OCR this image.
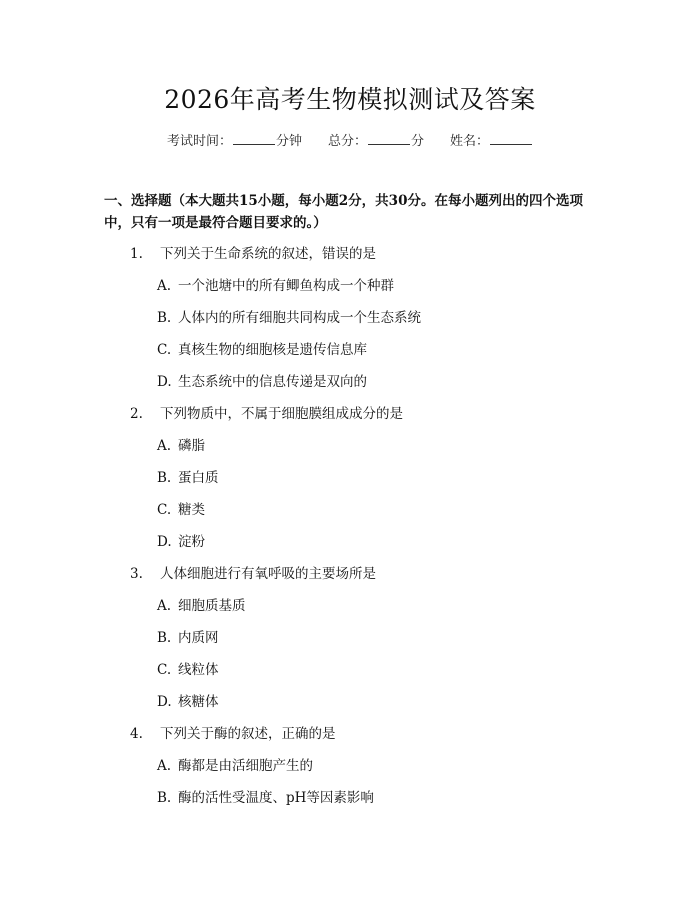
2026年高考生物模拟测试及答案
考试时间：	分钟 总分：	分 姓名：
一、选择题（本大题共15小题，每小题2分，共30分。在每小题列出的四个选项中，只有一项是最符合题目要求的。）
1. 下列关于生命系统的叙述，错误的是
A. 一个池塘中的所有鲫鱼构成一个种群
B. 人体内的所有细胞共同构成一个生态系统
C. 真核生物的细胞核是遗传信息库
D. 生态系统中的信息传递是双向的
2. 下列物质中，不属于细胞膜组成成分的是
A. 磷脂
B. 蛋白质
C. 糖类
D. 淀粉
3. 人体细胞进行有氧呼吸的主要场所是
A. 细胞质基质
B. 内质网
C. 线粒体
D. 核糖体
4. 下列关于酶的叙述，正确的是
A. 酶都是由活细胞产生的
B. 酶的活性受温度、pH等因素影响
